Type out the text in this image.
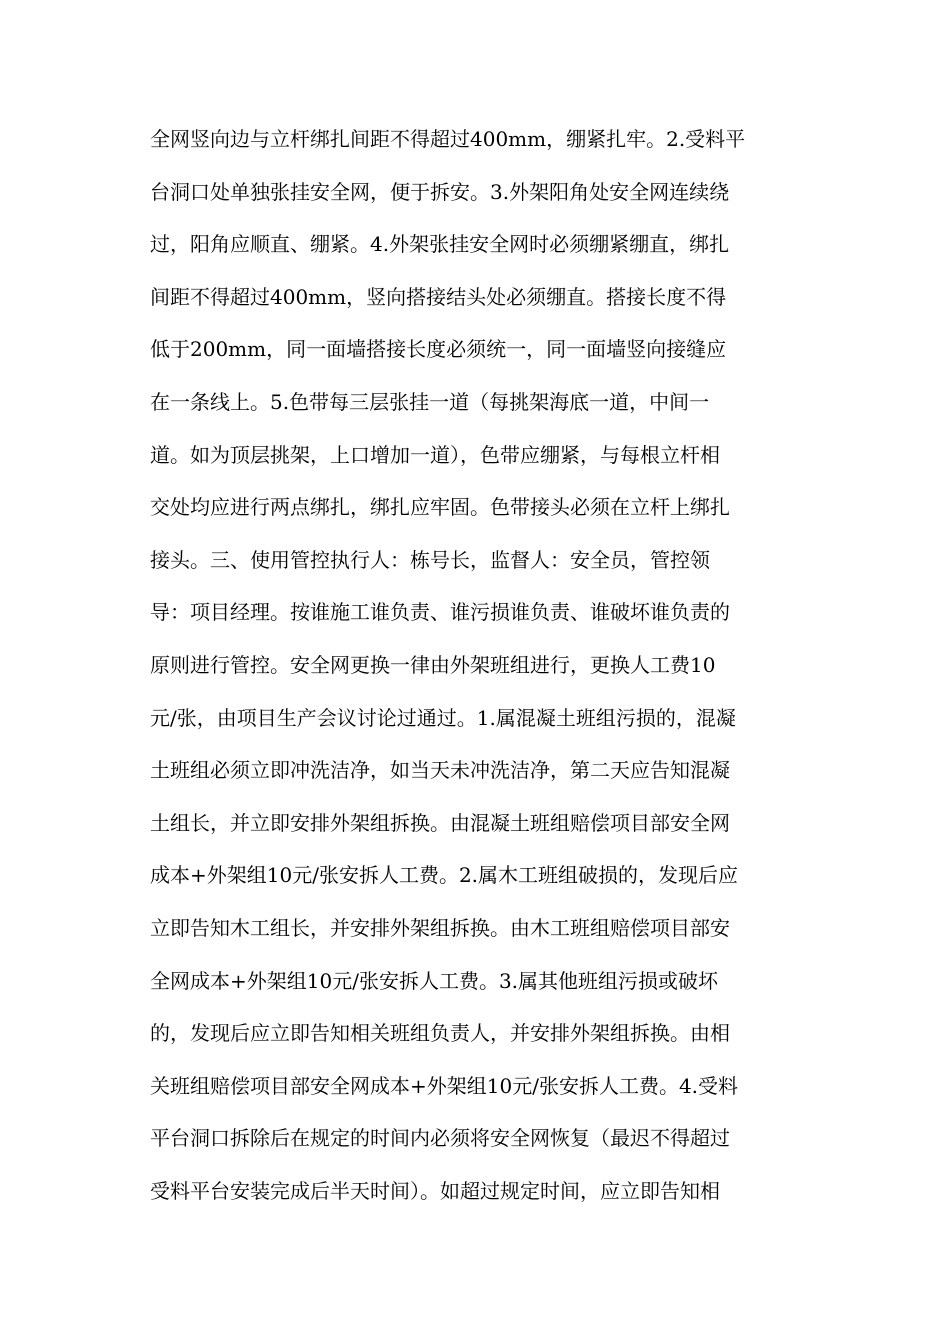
全网竖向边与立杆绑扎间距不得超过400mm，绷紧扎牢。2.受料平
台洞口处单独张挂安全网，便于拆安。3.外架阳角处安全网连续绕
过，阳角应顺直、绷紧。4.外架张挂安全网时必须绷紧绷直，绑扎
间距不得超过400mm，竖向搭接结头处必须绷直。搭接长度不得
低于200mm，同一面墙搭接长度必须统一，同一面墙竖向接缝应
在一条线上。5.色带每三层张挂一道（每挑架海底一道，中间一
道。如为顶层挑架，上口增加一道），色带应绷紧，与每根立杆相
交处均应进行两点绑扎，绑扎应牢固。色带接头必须在立杆上绑扎
接头。三、使用管控执行人：栋号长，监督人：安全员，管控领
导：项目经理。按谁施工谁负责、谁污损谁负责、谁破坏谁负责的
原则进行管控。安全网更换一律由外架班组进行，更换人工费10
元/张，由项目生产会议讨论过通过。1.属混凝土班组污损的，混凝
土班组必须立即冲洗洁净，如当天未冲洗洁净，第二天应告知混凝
土组长，并立即安排外架组拆换。由混凝土班组赔偿项目部安全网
成本+外架组10元/张安拆人工费。2.属木工班组破损的，发现后应
立即告知木工组长，并安排外架组拆换。由木工班组赔偿项目部安
全网成本+外架组10元/张安拆人工费。3.属其他班组污损或破坏
的，发现后应立即告知相关班组负责人，并安排外架组拆换。由相
关班组赔偿项目部安全网成本+外架组10元/张安拆人工费。4.受料
平台洞口拆除后在规定的时间内必须将安全网恢复（最迟不得超过
受料平台安装完成后半天时间）。如超过规定时间，应立即告知相
